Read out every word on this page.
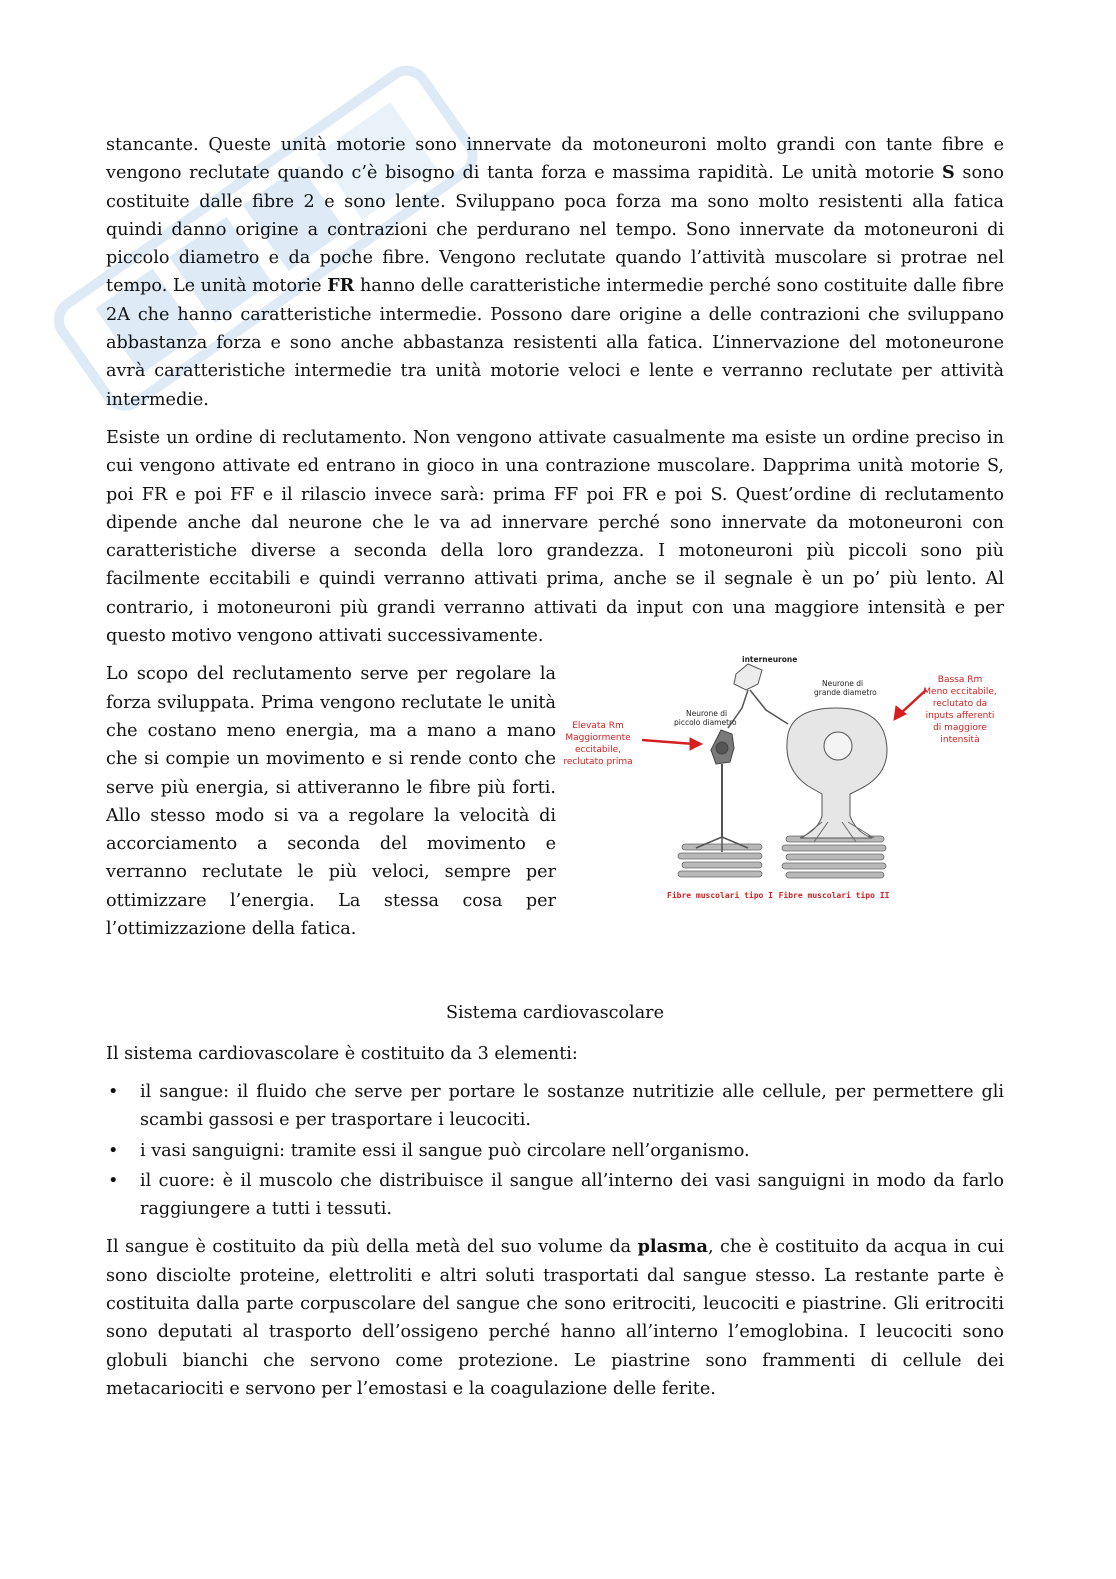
stancante. Queste unità motorie sono innervate da motoneuroni molto grandi con tante fibre e vengono reclutate quando c’è bisogno di tanta forza e massima rapidità. Le unità motorie S sono costituite dalle fibre 2 e sono lente. Sviluppano poca forza ma sono molto resistenti alla fatica quindi danno origine a contrazioni che perdurano nel tempo. Sono innervate da motoneuroni di piccolo diametro e da poche fibre. Vengono reclutate quando l’attività muscolare si protrae nel tempo. Le unità motorie FR hanno delle caratteristiche intermedie perché sono costituite dalle fibre 2A che hanno caratteristiche intermedie. Possono dare origine a delle contrazioni che sviluppano abbastanza forza e sono anche abbastanza resistenti alla fatica. L’innervazione del motoneurone avrà caratteristiche intermedie tra unità motorie veloci e lente e verranno reclutate per attività intermedie.

Esiste un ordine di reclutamento. Non vengono attivate casualmente ma esiste un ordine preciso in cui vengono attivate ed entrano in gioco in una contrazione muscolare. Dapprima unità motorie S, poi FR e poi FF e il rilascio invece sarà: prima FF poi FR e poi S. Quest’ordine di reclutamento dipende anche dal neurone che le va ad innervare perché sono innervate da motoneuroni con caratteristiche diverse a seconda della loro grandezza. I motoneuroni più piccoli sono più facilmente eccitabili e quindi verranno attivati prima, anche se il segnale è un po’ più lento. Al contrario, i motoneuroni più grandi verranno attivati da input con una maggiore intensità e per questo motivo vengono attivati successivamente.

Lo scopo del reclutamento serve per regolare la forza sviluppata. Prima vengono reclutate le unità che costano meno energia, ma a mano a mano che si compie un movimento e si rende conto che serve più energia, si attiveranno le fibre più forti. Allo stesso modo si va a regolare la velocità di accorciamento a seconda del movimento e verranno reclutate le più veloci, sempre per ottimizzare l’energia. La stessa cosa per l’ottimizzazione della fatica.

interneurone
Neurone di
piccolo diametro
Neurone di
grande diametro
Elevata Rm
Maggiormente
eccitabile,
reclutato prima
Bassa Rm
Meno eccitabile,
reclutato da
inputs afferenti
di maggiore
intensità
Fibre muscolari tipo I Fibre muscolari tipo II
Sistema cardiovascolare

Il sistema cardiovascolare è costituito da 3 elementi:

• il sangue: il fluido che serve per portare le sostanze nutritizie alle cellule, per permettere gli scambi gassosi e per trasportare i leucociti.
• i vasi sanguigni: tramite essi il sangue può circolare nell’organismo.
• il cuore: è il muscolo che distribuisce il sangue all’interno dei vasi sanguigni in modo da farlo raggiungere a tutti i tessuti.

Il sangue è costituito da più della metà del suo volume da plasma, che è costituito da acqua in cui sono disciolte proteine, elettroliti e altri soluti trasportati dal sangue stesso. La restante parte è costituita dalla parte corpuscolare del sangue che sono eritrociti, leucociti e piastrine. Gli eritrociti sono deputati al trasporto dell’ossigeno perché hanno all’interno l’emoglobina. I leucociti sono globuli bianchi che servono come protezione. Le piastrine sono frammenti di cellule dei metacariociti e servono per l’emostasi e la coagulazione delle ferite.
